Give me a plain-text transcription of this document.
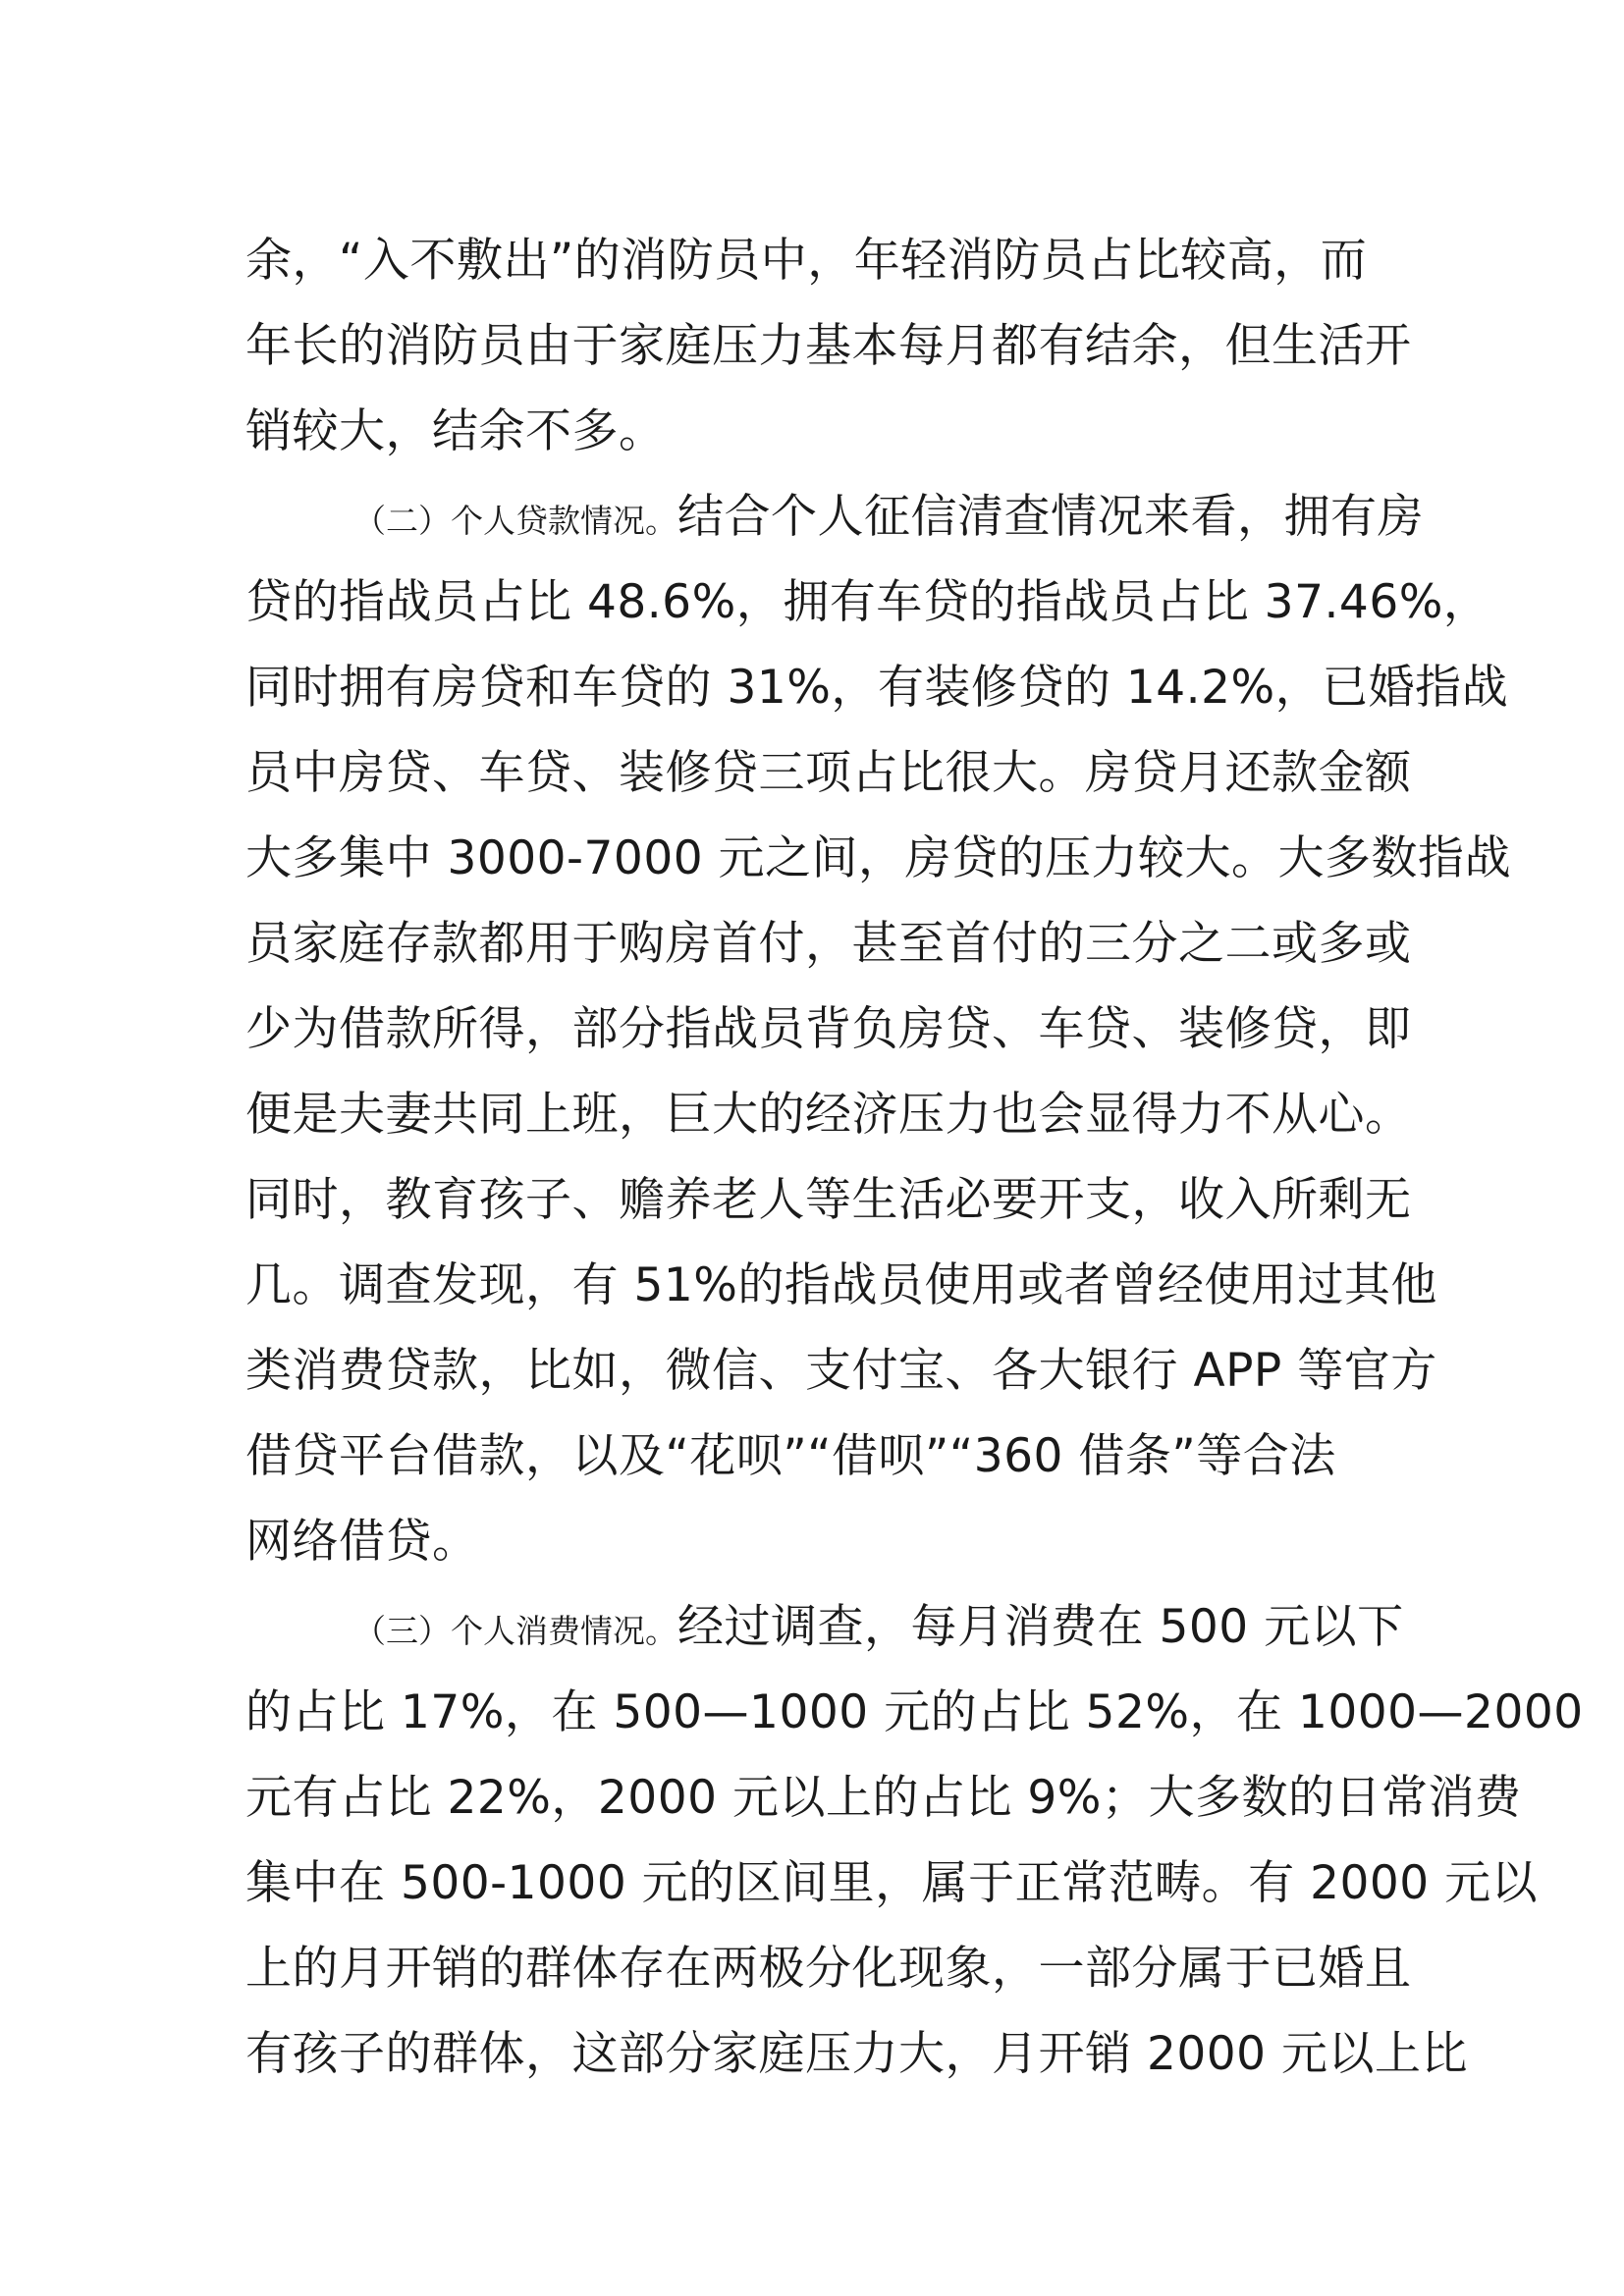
余，“入不敷出”的消防员中，年轻消防员占比较高，而
年长的消防员由于家庭压力基本每月都有结余，但生活开
销较大，结余不多。
（二）个人贷款情况。结合个人征信清查情况来看，拥有房
贷的指战员占比 48.6%，拥有车贷的指战员占比 37.46%，
同时拥有房贷和车贷的 31%，有装修贷的 14.2%，已婚指战
员中房贷、车贷、装修贷三项占比很大。房贷月还款金额
大多集中 3000-7000 元之间，房贷的压力较大。大多数指战
员家庭存款都用于购房首付，甚至首付的三分之二或多或
少为借款所得，部分指战员背负房贷、车贷、装修贷，即
便是夫妻共同上班，巨大的经济压力也会显得力不从心。
同时，教育孩子、赡养老人等生活必要开支，收入所剩无
几。调查发现，有 51%的指战员使用或者曾经使用过其他
类消费贷款，比如，微信、支付宝、各大银行 APP 等官方
借贷平台借款，以及“花呗”“借呗”“360 借条”等合法
网络借贷。
（三）个人消费情况。经过调查，每月消费在 500 元以下
的占比 17%，在 500—1000 元的占比 52%，在 1000—2000
元有占比 22%，2000 元以上的占比 9%；大多数的日常消费
集中在 500-1000 元的区间里，属于正常范畴。有 2000 元以
上的月开销的群体存在两极分化现象，一部分属于已婚且
有孩子的群体，这部分家庭压力大，月开销 2000 元以上比
